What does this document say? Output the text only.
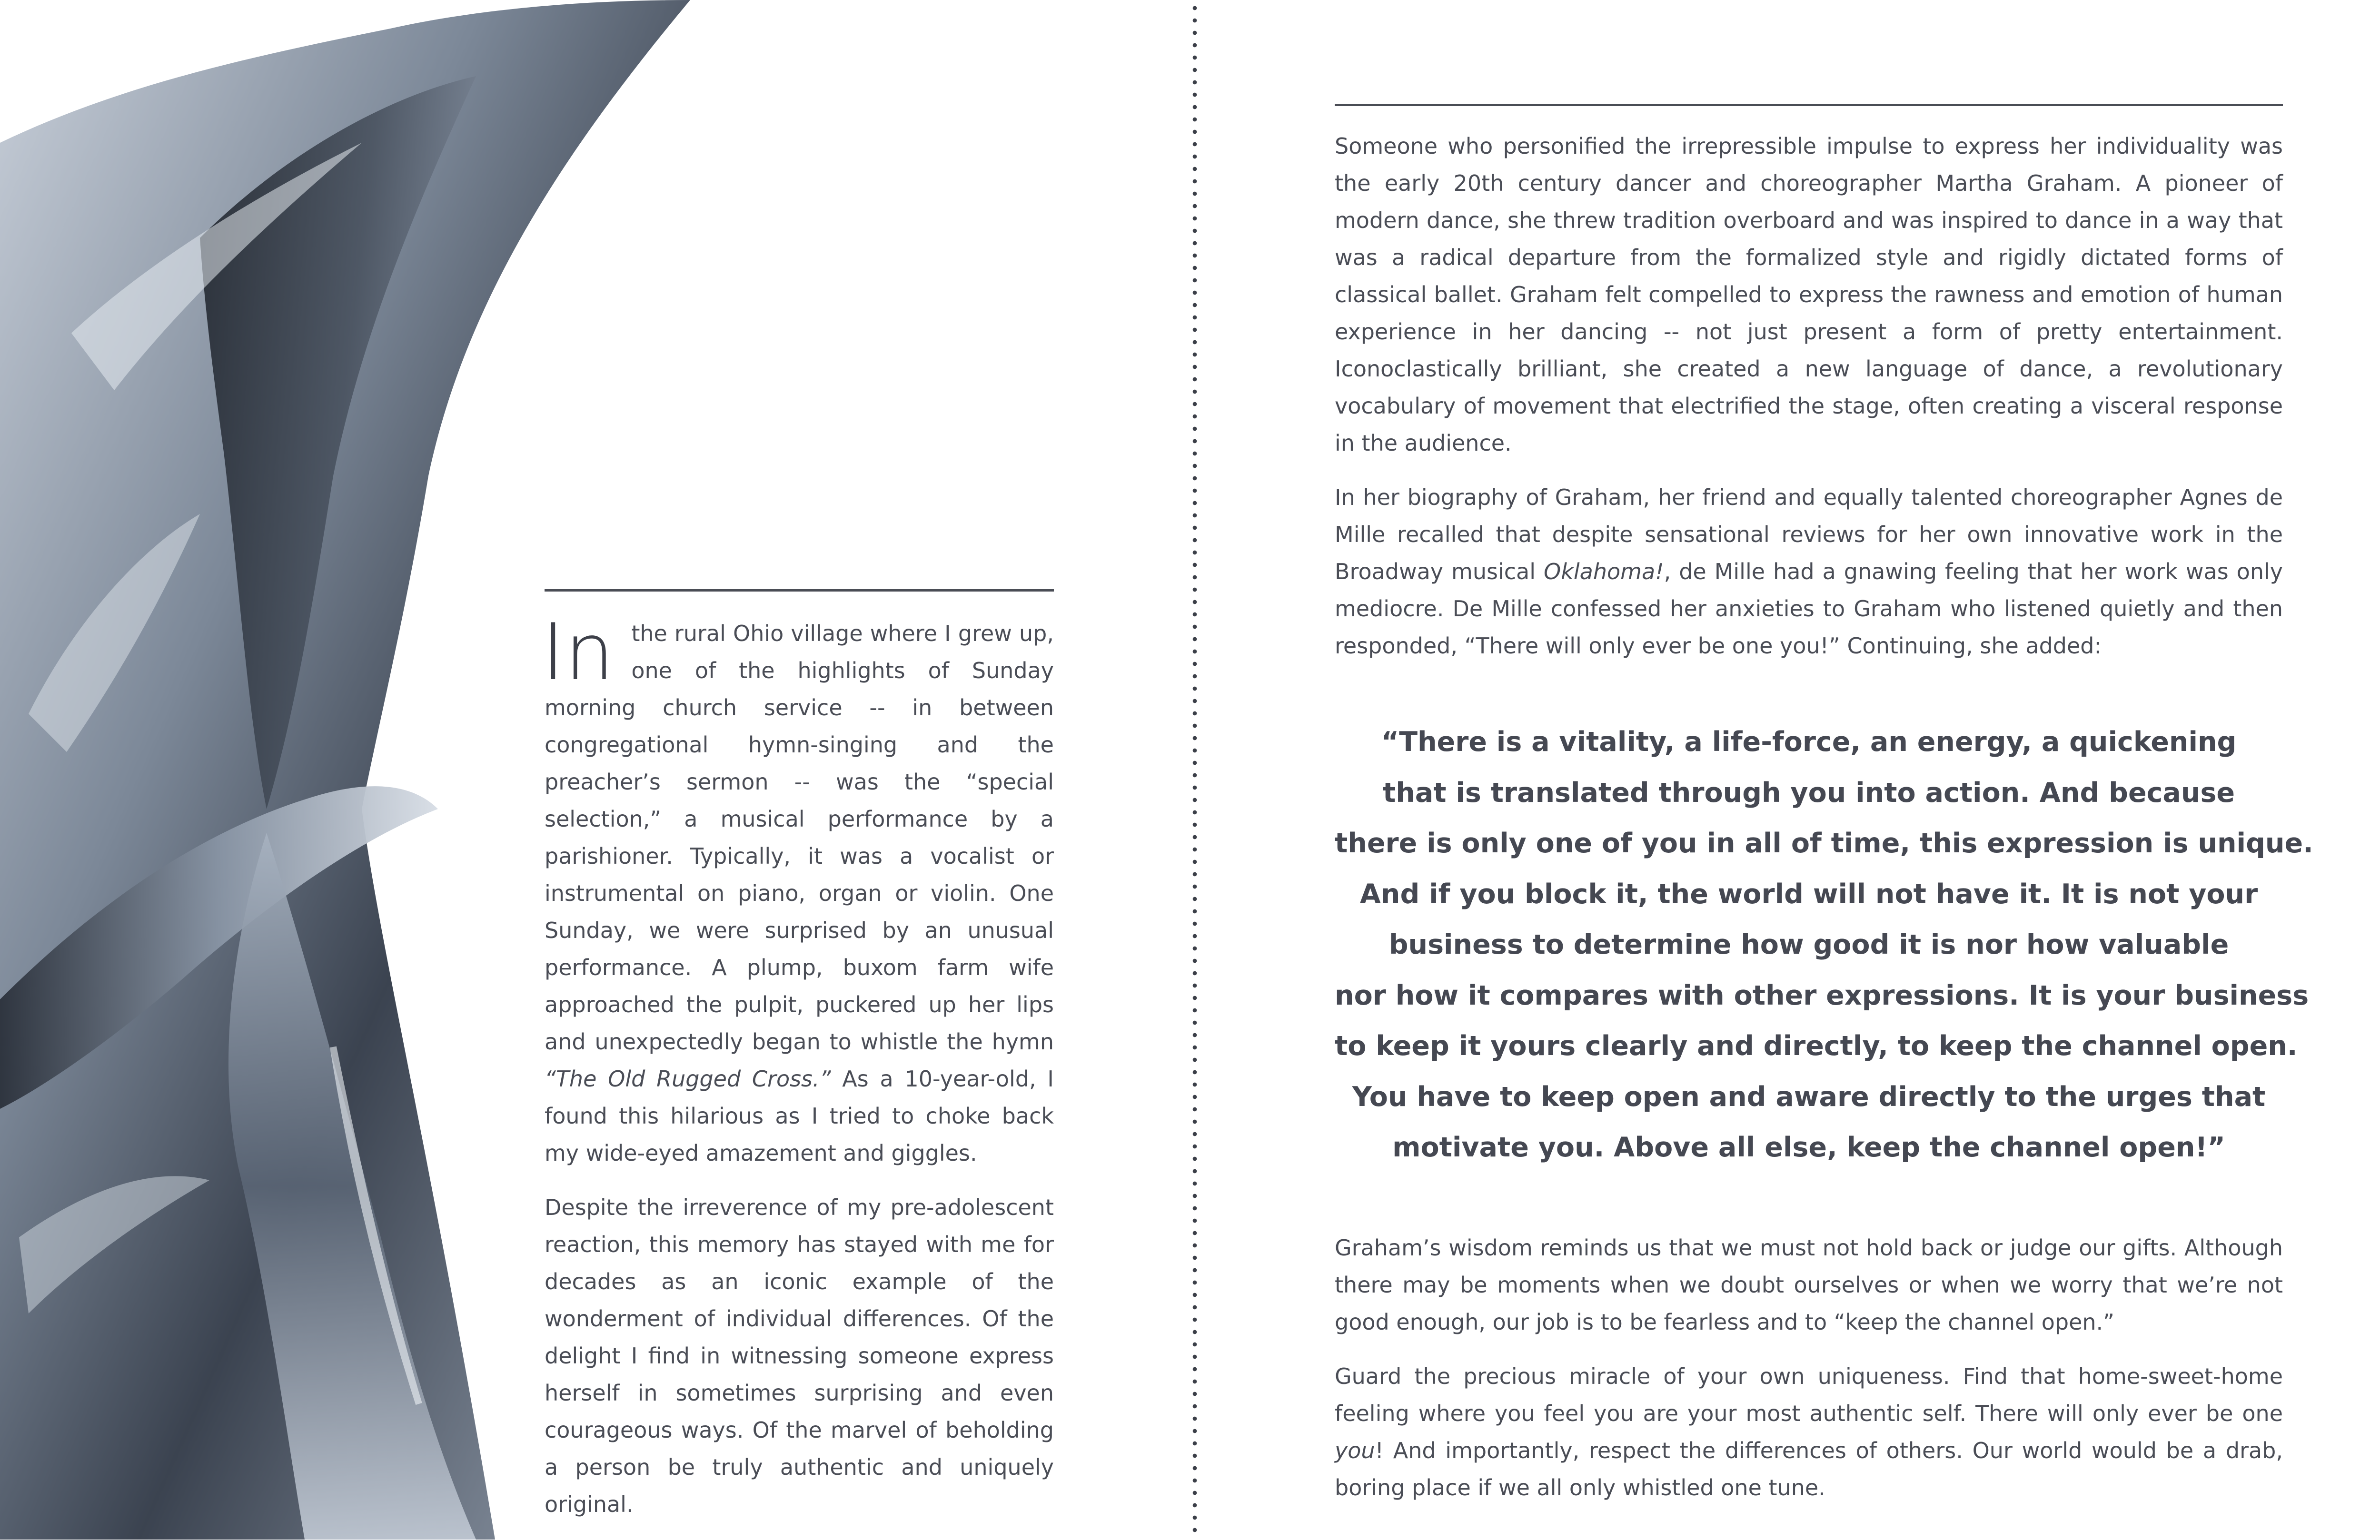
In the rural Ohio village where I grew up, one of the highlights of Sunday morning church service -- in between congregational hymn-singing and the preacher’s sermon -- was the “special selection,” a musical performance by a parishioner. Typically, it was a vocalist or instrumental on piano, organ or violin. One Sunday, we were surprised by an unusual performance. A plump, buxom farm wife approached the pulpit, puckered up her lips and unexpectedly began to whistle the hymn “The Old Rugged Cross.” As a 10-year-old, I found this hilarious as I tried to choke back my wide-eyed amazement and giggles.

Despite the irreverence of my pre-adolescent reaction, this memory has stayed with me for decades as an iconic example of the wonderment of individual differences. Of the delight I find in witnessing someone express herself in sometimes surprising and even courageous ways. Of the marvel of beholding a person be truly authentic and uniquely original.

Someone who personified the irrepressible impulse to express her individuality was the early 20th century dancer and choreographer Martha Graham. A pioneer of modern dance, she threw tradition overboard and was inspired to dance in a way that was a radical departure from the formalized style and rigidly dictated forms of classical ballet. Graham felt compelled to express the rawness and emotion of human experience in her dancing -- not just present a form of pretty entertainment. Iconoclastically brilliant, she created a new language of dance, a revolutionary vocabulary of movement that electrified the stage, often creating a visceral response in the audience.

In her biography of Graham, her friend and equally talented choreographer Agnes de Mille recalled that despite sensational reviews for her own innovative work in the Broadway musical Oklahoma!, de Mille had a gnawing feeling that her work was only mediocre. De Mille confessed her anxieties to Graham who listened quietly and then responded, “There will only ever be one you!” Continuing, she added:

“There is a vitality, a life-force, an energy, a quickening
that is translated through you into action. And because
there is only one of you in all of time, this expression is unique.
And if you block it, the world will not have it. It is not your
business to determine how good it is nor how valuable
nor how it compares with other expressions. It is your business
to keep it yours clearly and directly, to keep the channel open.
You have to keep open and aware directly to the urges that
motivate you. Above all else, keep the channel open!”

Graham’s wisdom reminds us that we must not hold back or judge our gifts. Although there may be moments when we doubt ourselves or when we worry that we’re not good enough, our job is to be fearless and to “keep the channel open.”

Guard the precious miracle of your own uniqueness. Find that home-sweet-home feeling where you feel you are your most authentic self. There will only ever be one you! And importantly, respect the differences of others. Our world would be a drab, boring place if we all only whistled one tune.
